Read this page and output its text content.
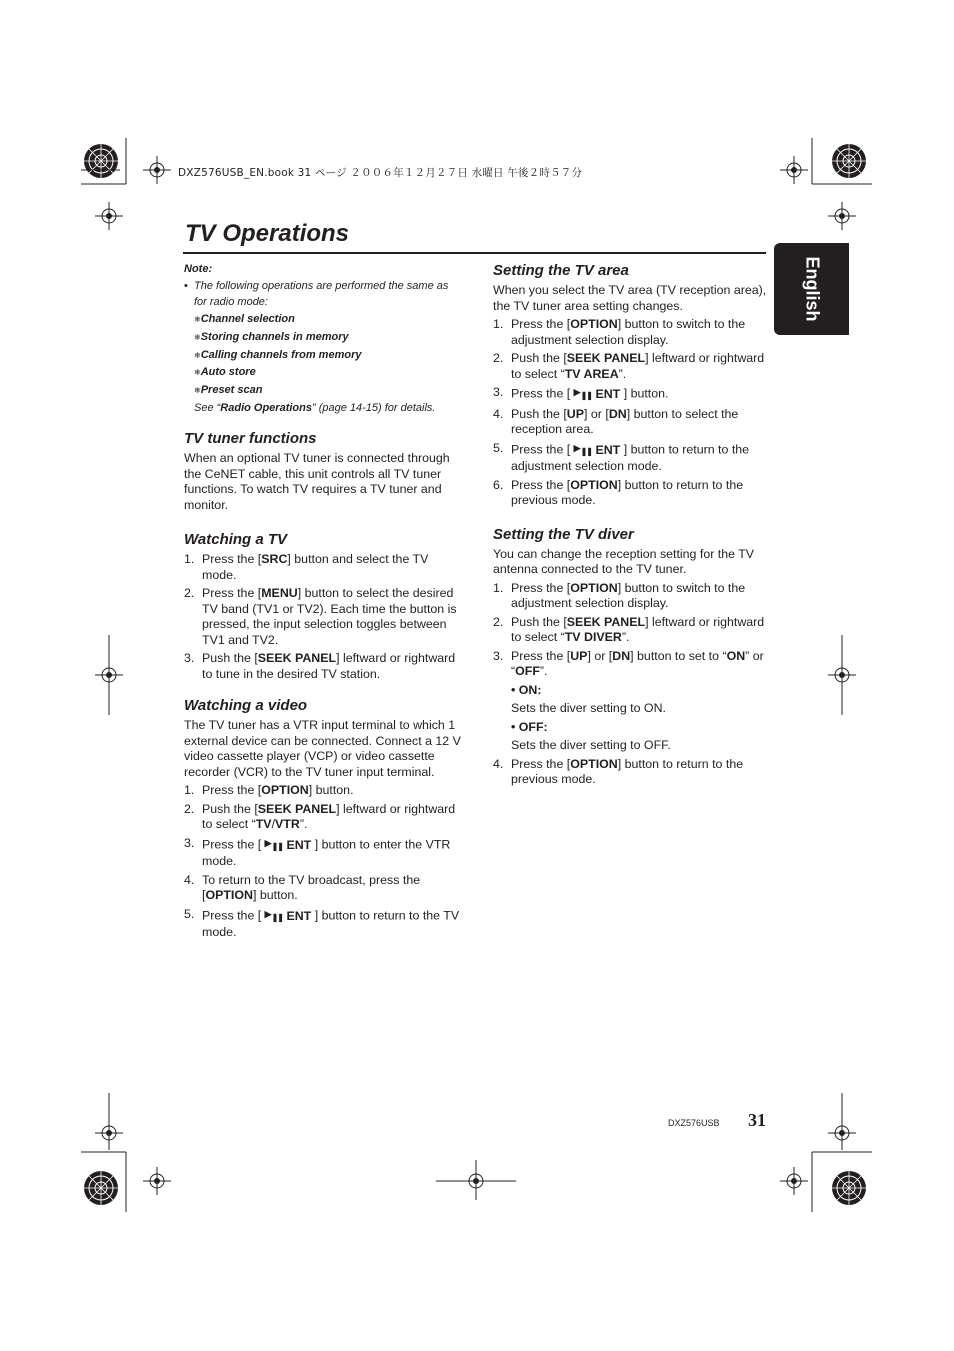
DXZ576USB_EN.book 31 ページ ２００６年１２月２７日 水曜日 午後２時５７分
TV Operations
English
Note:
• The following operations are performed the same as for radio mode:
❄Channel selection
❄Storing channels in memory
❄Calling channels from memory
❄Auto store
❄Preset scan
See “Radio Operations” (page 14-15) for details.
TV tuner functions

When an optional TV tuner is connected through the CeNET cable, this unit controls all TV tuner functions. To watch TV requires a TV tuner and monitor.

Watching a TV
1. Press the [SRC] button and select the TV mode.
2. Press the [MENU] button to select the desired TV band (TV1 or TV2). Each time the button is pressed, the input selection toggles between TV1 and TV2.
3. Push the [SEEK PANEL] leftward or rightward to tune in the desired TV station.
Watching a video

The TV tuner has a VTR input terminal to which 1 external device can be connected. Connect a 12 V video cassette player (VCP) or video cassette recorder (VCR) to the TV tuner input terminal.

1. Press the [OPTION] button.
2. Push the [SEEK PANEL] leftward or rightward to select “TV/VTR”.
3. Press the [ ▶❚❚ ENT ] button to enter the VTR mode.
4. To return to the TV broadcast, press the [OPTION] button.
5. Press the [ ▶❚❚ ENT ] button to return to the TV mode.
Setting the TV area

When you select the TV area (TV reception area), the TV tuner area setting changes.

1. Press the [OPTION] button to switch to the adjustment selection display.
2. Push the [SEEK PANEL] leftward or rightward to select “TV AREA”.
3. Press the [ ▶❚❚ ENT ] button.
4. Push the [UP] or [DN] button to select the reception area.
5. Press the [ ▶❚❚ ENT ] button to return to the adjustment selection mode.
6. Press the [OPTION] button to return to the previous mode.
Setting the TV diver

You can change the reception setting for the TV antenna connected to the TV tuner.

1. Press the [OPTION] button to switch to the adjustment selection display.
2. Push the [SEEK PANEL] leftward or rightward to select “TV DIVER”.
3. Press the [UP] or [DN] button to set to “ON” or “OFF”.
• ON:
Sets the diver setting to ON.
• OFF:
Sets the diver setting to OFF.
4. Press the [OPTION] button to return to the previous mode.
DXZ576USB 31
